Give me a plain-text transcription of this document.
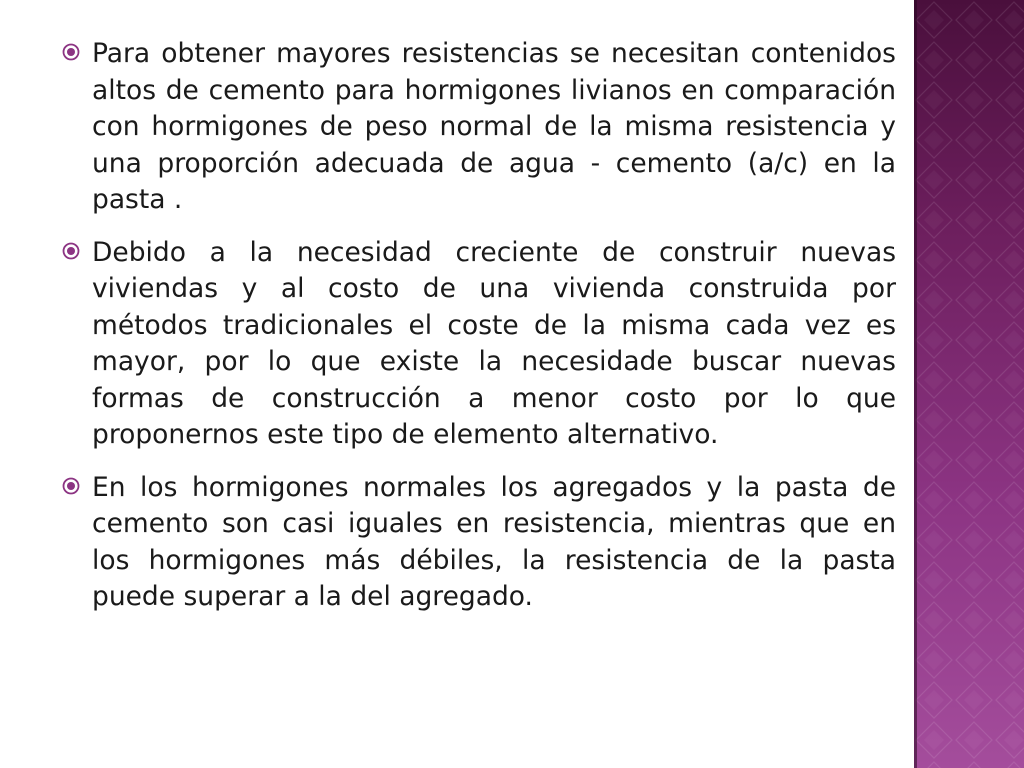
Para obtener mayores resistencias se necesitan contenidos altos de cemento para hormigones livianos en comparación con hormigones de peso normal de la misma resistencia y una proporción adecuada de agua - cemento (a/c) en la pasta .

Debido a la necesidad creciente de construir nuevas viviendas y al costo de una vivienda construida por métodos tradicionales el coste de la misma cada vez es mayor, por lo que existe la necesidade buscar nuevas formas de construcción a menor costo por lo que proponernos este tipo de elemento alternativo.

En los hormigones normales los agregados y la pasta de cemento son casi iguales en resistencia, mientras que en los hormigones más débiles, la resistencia de la pasta puede superar a la del agregado.
